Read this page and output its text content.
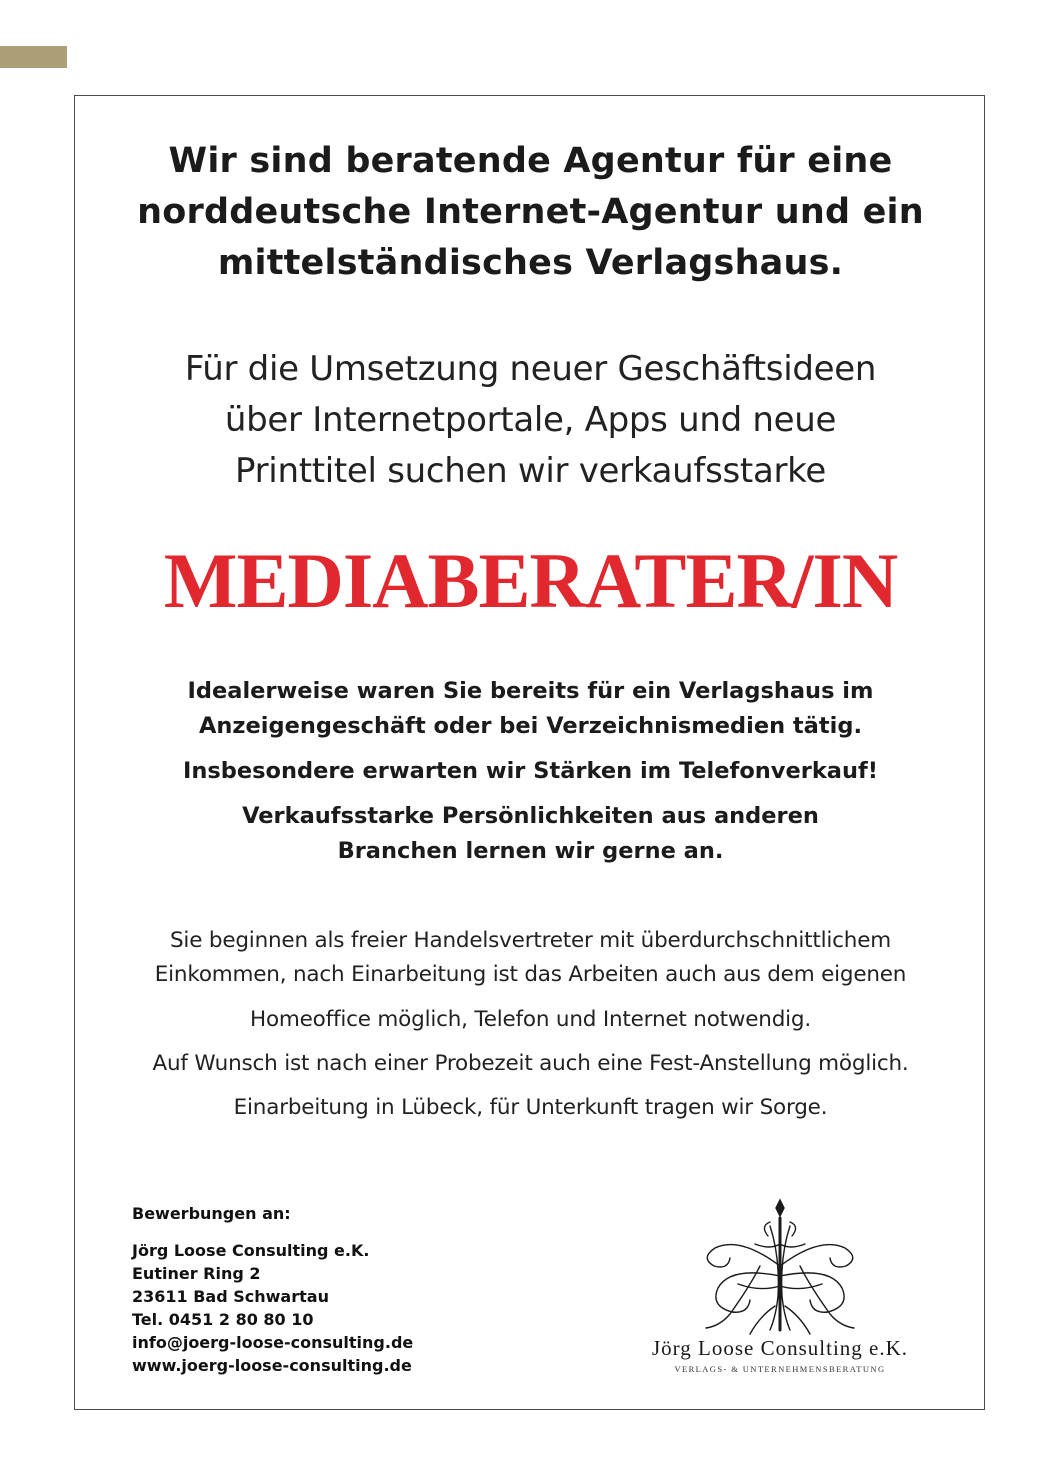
Wir sind beratende Agentur für eine
norddeutsche Internet-Agentur und ein
mittelständisches Verlagshaus.
Für die Umsetzung neuer Geschäftsideen
über Internetportale, Apps und neue
Printtitel suchen wir verkaufsstarke
MEDIABERATER/IN
Idealerweise waren Sie bereits für ein Verlagshaus im
Anzeigengeschäft oder bei Verzeichnismedien tätig.
Insbesondere erwarten wir Stärken im Telefonverkauf!
Verkaufsstarke Persönlichkeiten aus anderen
Branchen lernen wir gerne an.
Sie beginnen als freier Handelsvertreter mit überdurchschnittlichem
Einkommen, nach Einarbeitung ist das Arbeiten auch aus dem eigenen
Homeoffice möglich, Telefon und Internet notwendig.
Auf Wunsch ist nach einer Probezeit auch eine Fest-Anstellung möglich.
Einarbeitung in Lübeck, für Unterkunft tragen wir Sorge.
Bewerbungen an:
Jörg Loose Consulting e.K.
Eutiner Ring 2
23611 Bad Schwartau
Tel. 0451 2 80 80 10
info@joerg-loose-consulting.de
www.joerg-loose-consulting.de
Jörg Loose Consulting e.K.
VERLAGS- & UNTERNEHMENSBERATUNG
